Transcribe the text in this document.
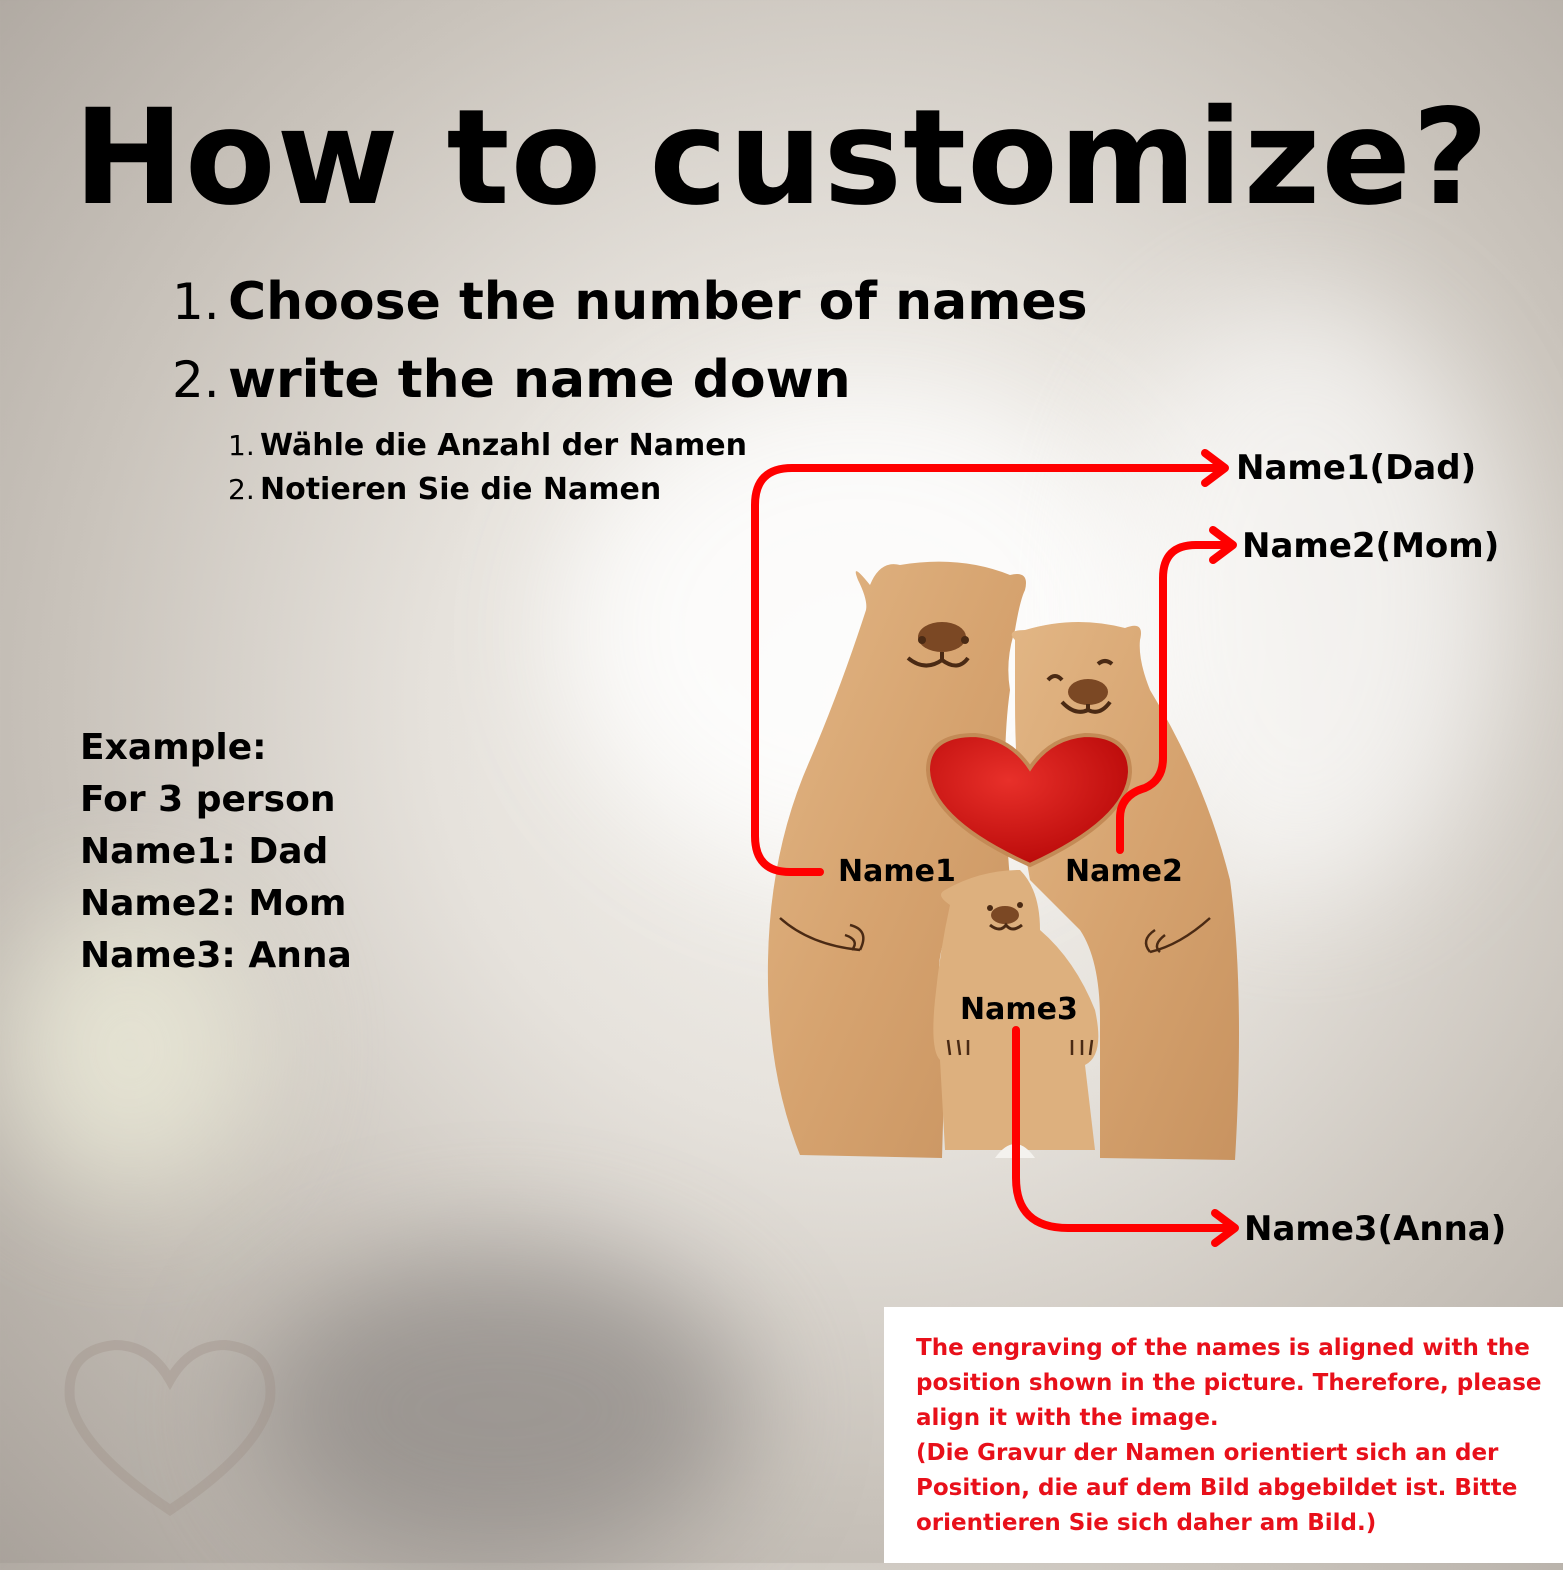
How to customize?
1. Choose the number of names
2. write the name down
1. Wähle die Anzahl der Namen
2. Notieren Sie die Namen
Example:
For 3 person
Name1: Dad
Name2: Mom
Name3: Anna
Name1	Name2
Name3
Name1(Dad)
Name2(Mom)
Name3(Anna)

The engraving of the names is aligned with the position shown in the picture. Therefore, please align it with the image.

(Die Gravur der Namen orientiert sich an der Position, die auf dem Bild abgebildet ist. Bitte orientieren Sie sich daher am Bild.)
